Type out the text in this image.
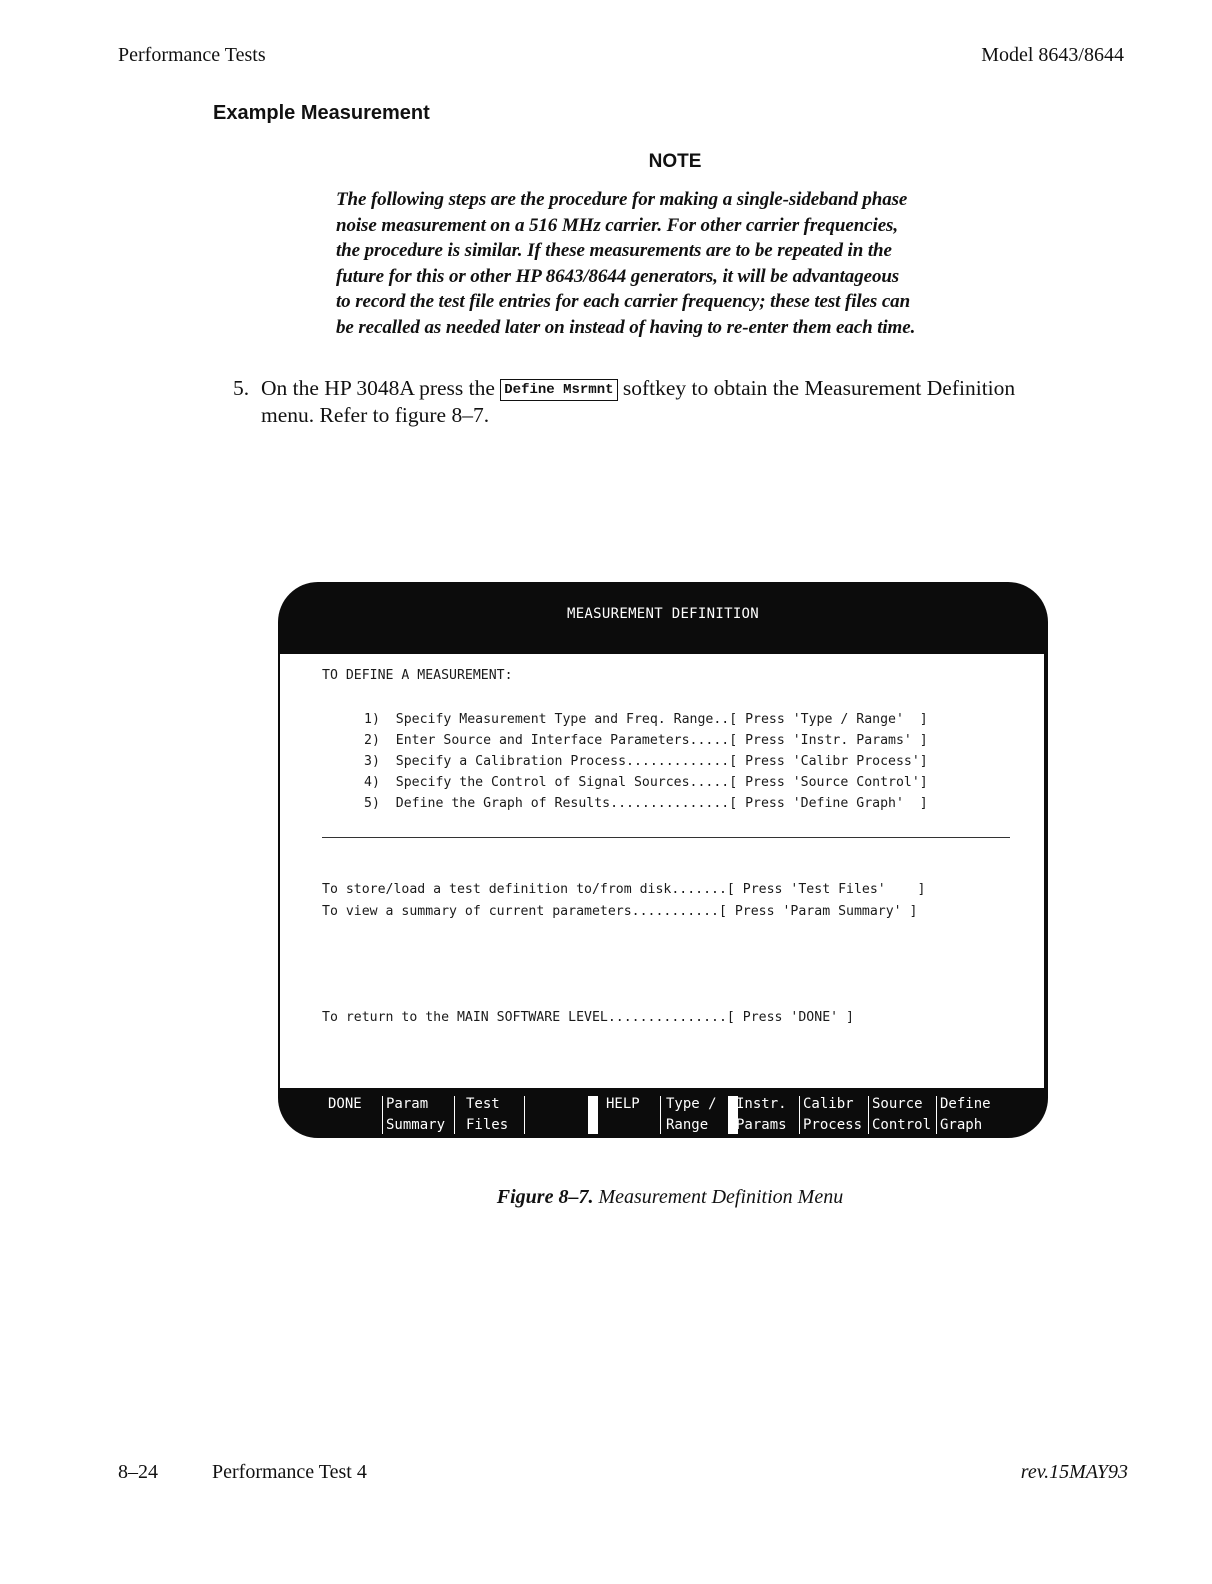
Performance Tests	Model 8643/8644
Example Measurement
NOTE
The following steps are the procedure for making a single-sideband phase
noise measurement on a 516 MHz carrier. For other carrier frequencies,
the procedure is similar. If these measurements are to be repeated in the
future for this or other HP 8643/8644 generators, it will be advantageous
to record the test file entries for each carrier frequency; these test files can
be recalled as needed later on instead of having to re-enter them each time.
5. On the HP 3048A press the Define Msrmnt softkey to obtain the Measurement Definition
menu. Refer to figure 8–7.
MEASUREMENT DEFINITION
TO DEFINE A MEASUREMENT:
1)  Specify Measurement Type and Freq. Range..[ Press 'Type / Range'  ]
2)  Enter Source and Interface Parameters.....[ Press 'Instr. Params' ]
3)  Specify a Calibration Process.............[ Press 'Calibr Process']
4)  Specify the Control of Signal Sources.....[ Press 'Source Control']
5)  Define the Graph of Results...............[ Press 'Define Graph'  ]
To store/load a test definition to/from disk.......[ Press 'Test Files'    ]
To view a summary of current parameters...........[ Press 'Param Summary' ]
To return to the MAIN SOFTWARE LEVEL...............[ Press 'DONE' ]
DONE Param
Summary
Test
Files
HELP Type /
Range
Instr.
Params
Calibr
Process
Source
Control
Define
Graph
Figure 8–7. Measurement Definition Menu
8–24	Performance Test 4	rev.15MAY93
